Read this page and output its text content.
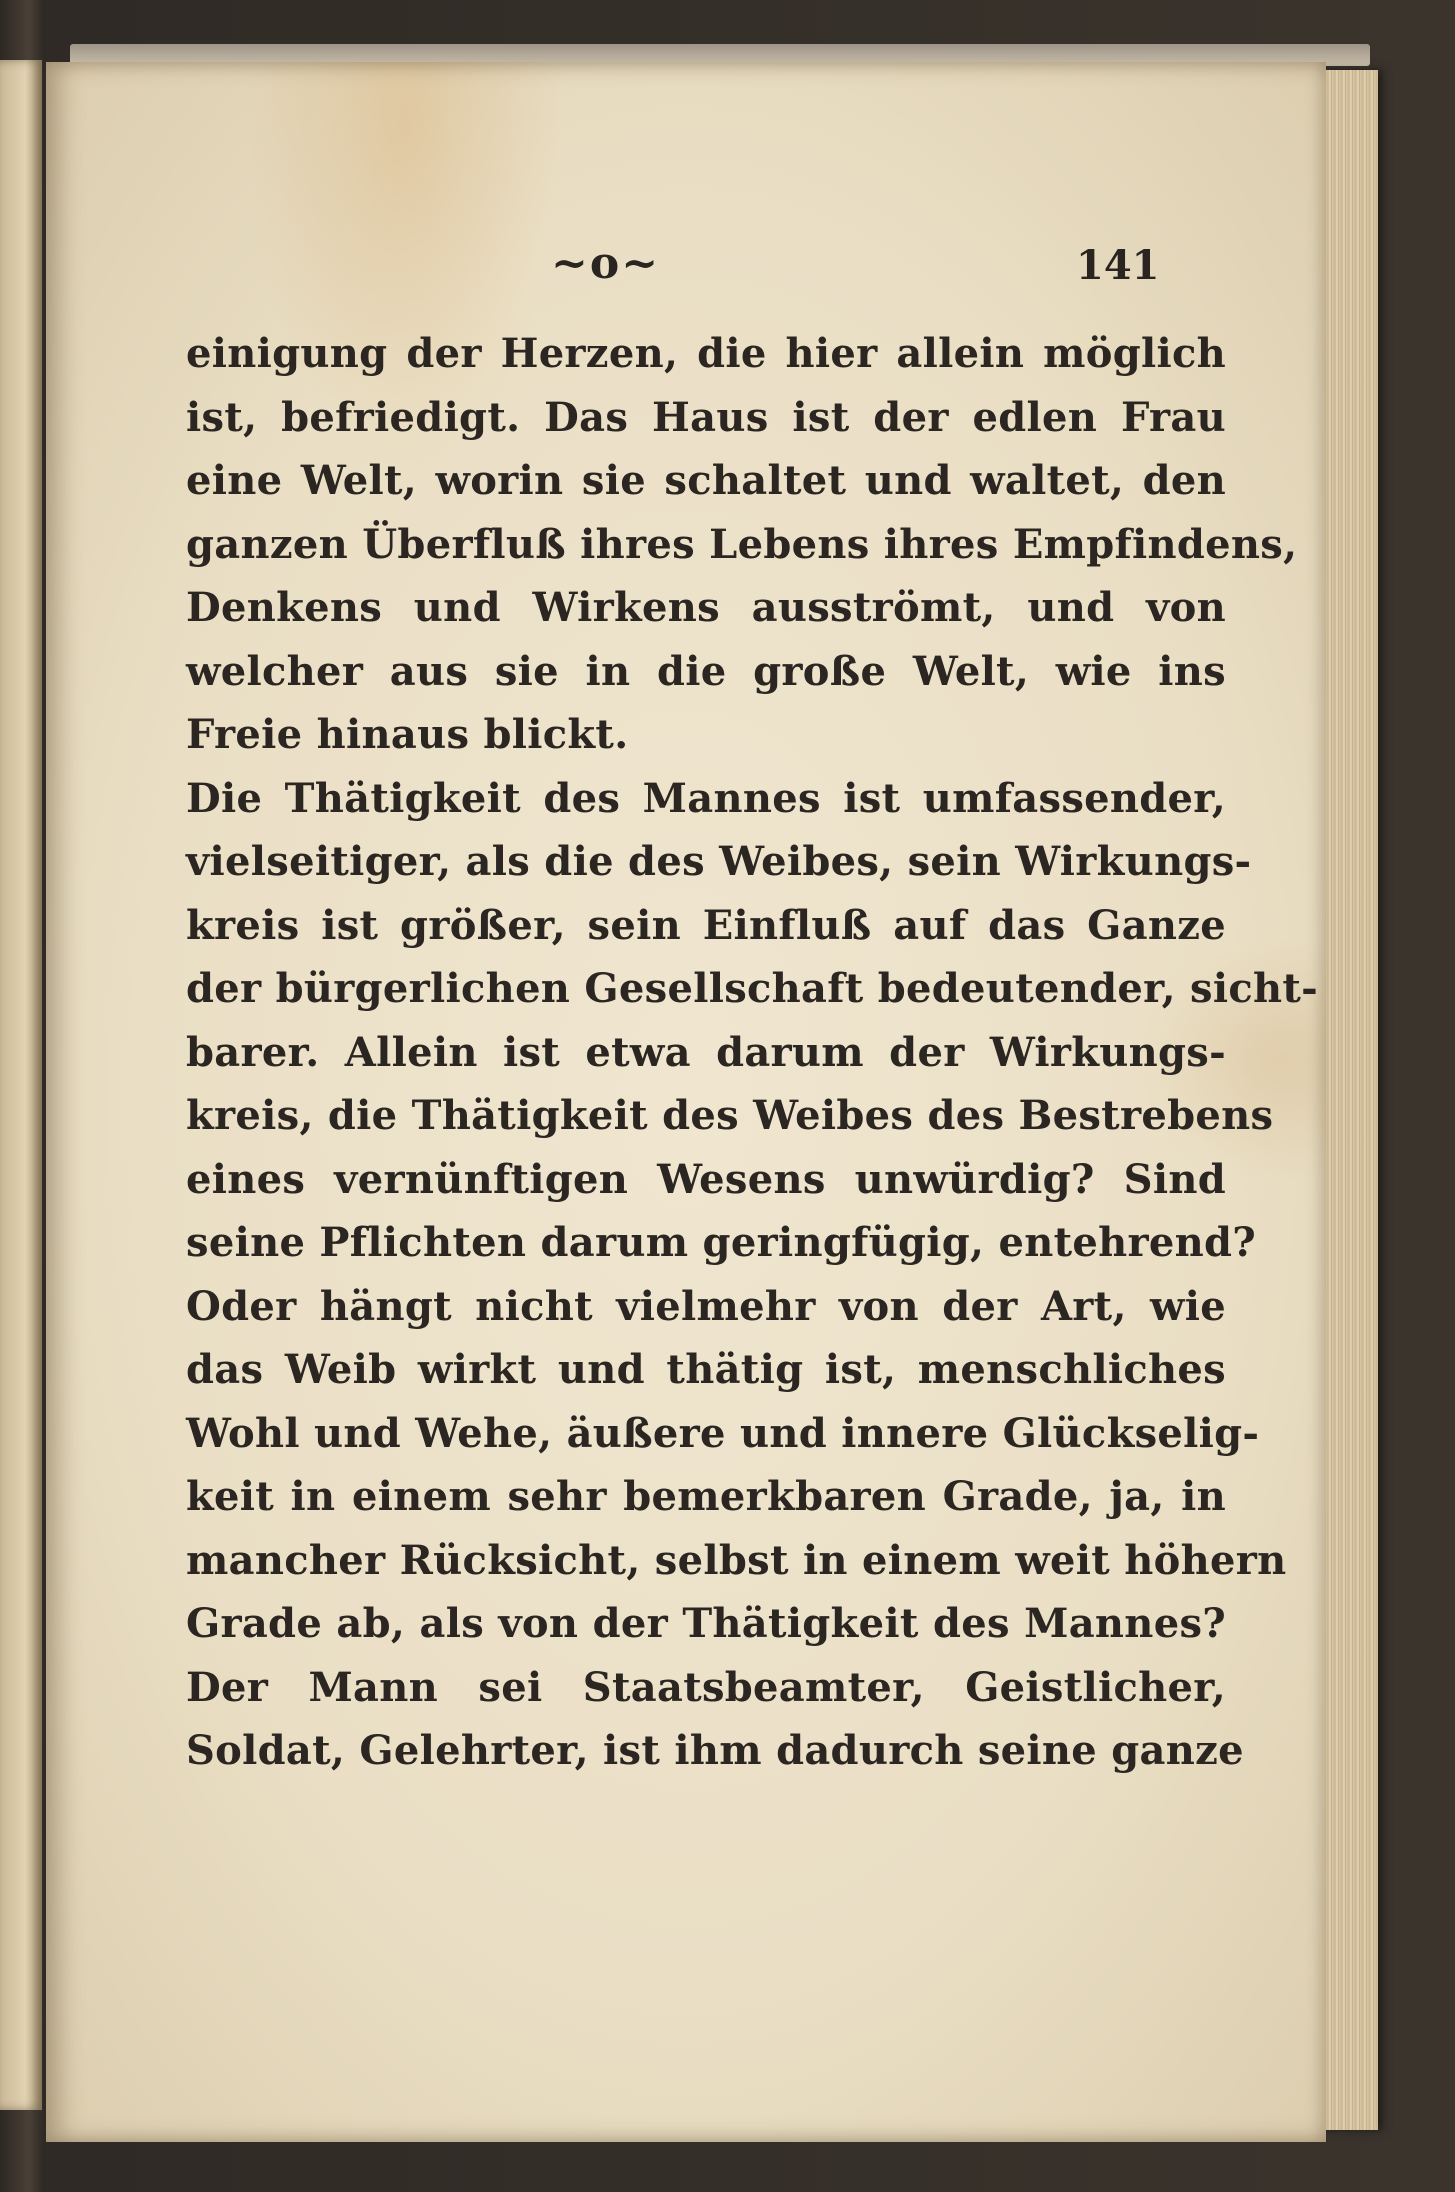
~o~	141
einigung der Herzen, die hier allein möglich
ist, befriedigt. Das Haus ist der edlen Frau
eine Welt, worin sie schaltet und waltet, den
ganzen Überfluß ihres Lebens ihres Empfindens,
Denkens und Wirkens ausströmt, und von
welcher aus sie in die große Welt, wie ins
Freie hinaus blickt.
Die Thätigkeit des Mannes ist umfassender,
vielseitiger, als die des Weibes, sein Wirkungs-
kreis ist größer, sein Einfluß auf das Ganze
der bürgerlichen Gesellschaft bedeutender, sicht-
barer. Allein ist etwa darum der Wirkungs-
kreis, die Thätigkeit des Weibes des Bestrebens
eines vernünftigen Wesens unwürdig? Sind
seine Pflichten darum geringfügig, entehrend?
Oder hängt nicht vielmehr von der Art, wie
das Weib wirkt und thätig ist, menschliches
Wohl und Wehe, äußere und innere Glückselig-
keit in einem sehr bemerkbaren Grade, ja, in
mancher Rücksicht, selbst in einem weit höhern
Grade ab, als von der Thätigkeit des Mannes?
Der Mann sei Staatsbeamter, Geistlicher,
Soldat, Gelehrter, ist ihm dadurch seine ganze
